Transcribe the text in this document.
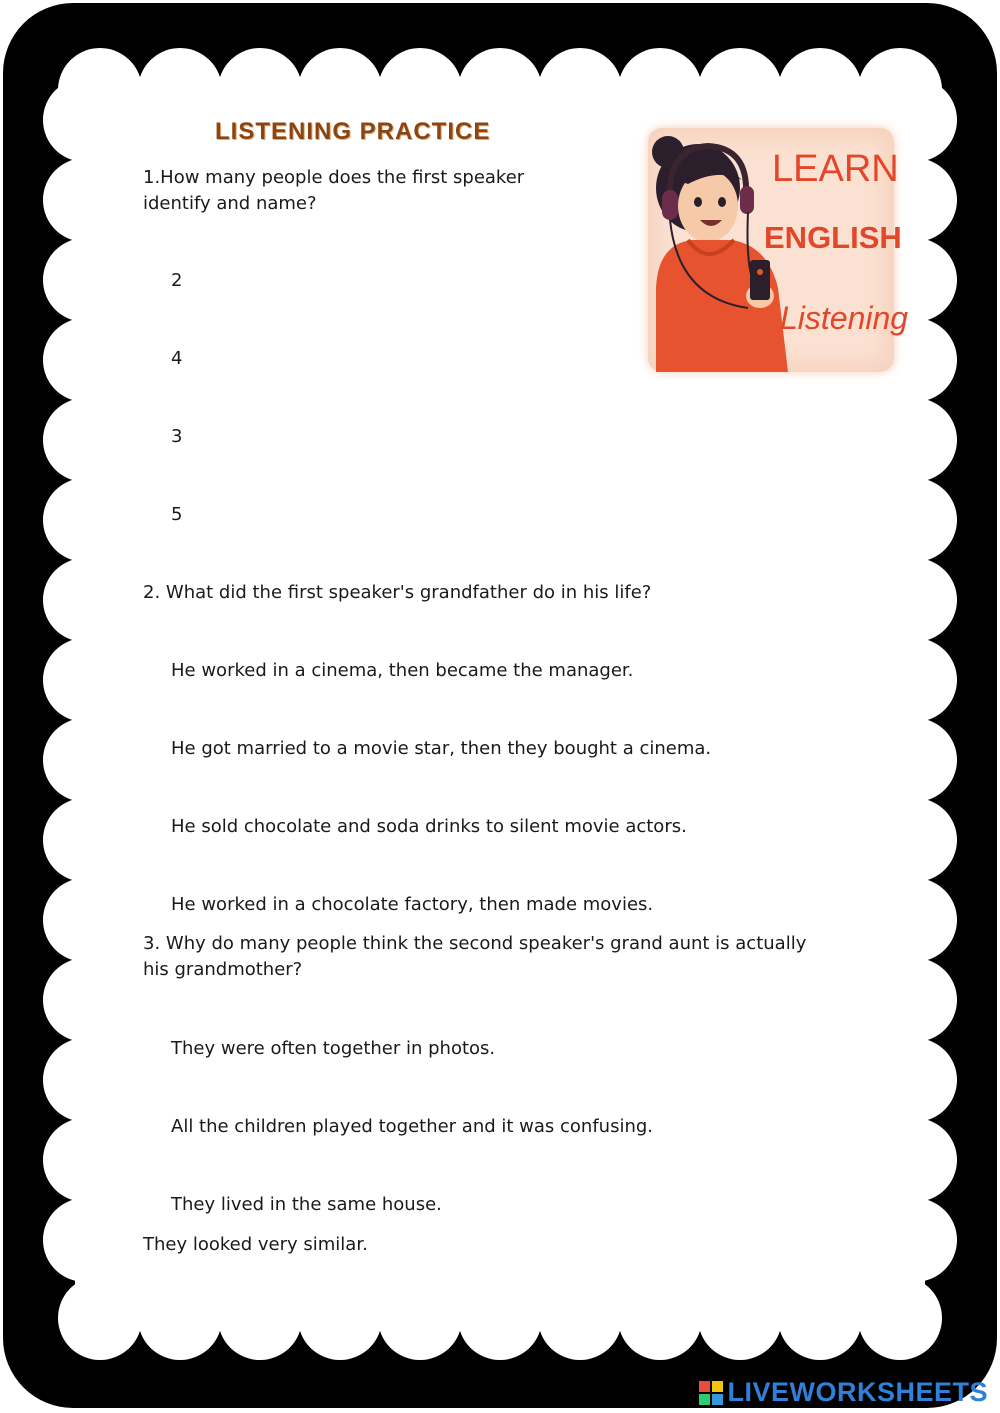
LISTENING PRACTICE
LEARN
ENGLISH
Listening

1.How many people does the first speaker identify and name?

2
4
3
5

2. What did the first speaker's grandfather do in his life?

He worked in a cinema, then became the manager.
He got married to a movie star, then they bought a cinema.
He sold chocolate and soda drinks to silent movie actors.
He worked in a chocolate factory, then made movies.

3. Why do many people think the second speaker's grand aunt is actually his grandmother?

They were often together in photos.
All the children played together and it was confusing.
They lived in the same house.
They looked very similar.
LIVEWORKSHEETS
